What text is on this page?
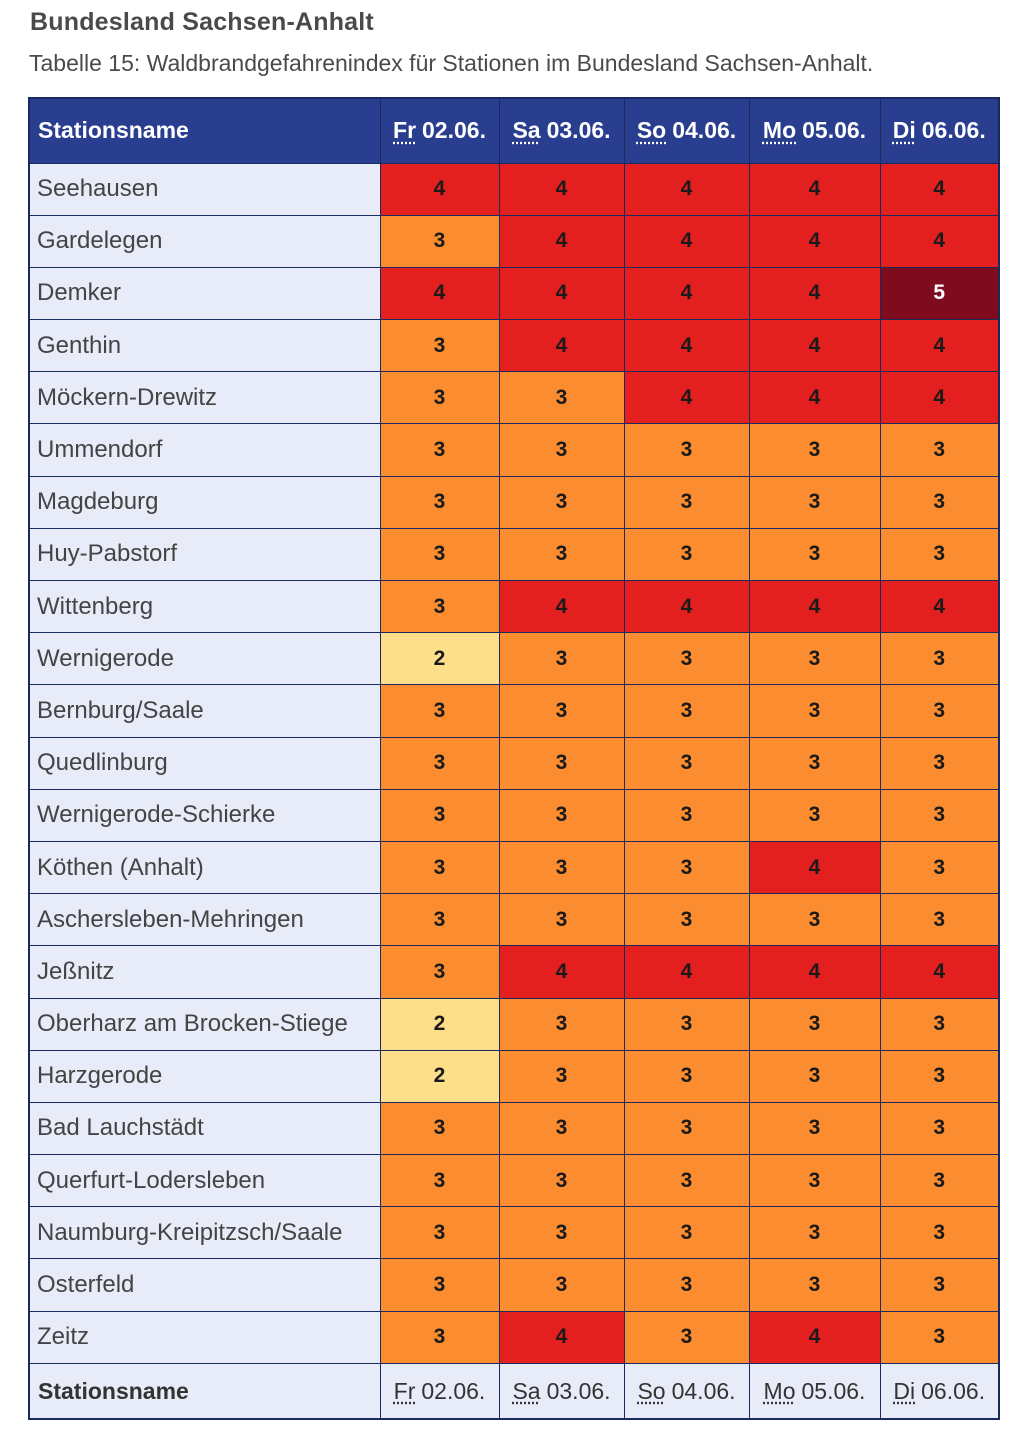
Bundesland Sachsen-Anhalt

Tabelle 15: Waldbrandgefahrenindex für Stationen im Bundesland Sachsen-Anhalt.

Stationsname	Fr 02.06.	Sa 03.06.	So 04.06.	Mo 05.06.	Di 06.06.
Seehausen	4	4	4	4	4
Gardelegen	3	4	4	4	4
Demker	4	4	4	4	5
Genthin	3	4	4	4	4
Möckern-Drewitz	3	3	4	4	4
Ummendorf	3	3	3	3	3
Magdeburg	3	3	3	3	3
Huy-Pabstorf	3	3	3	3	3
Wittenberg	3	4	4	4	4
Wernigerode	2	3	3	3	3
Bernburg/Saale	3	3	3	3	3
Quedlinburg	3	3	3	3	3
Wernigerode-Schierke	3	3	3	3	3
Köthen (Anhalt)	3	3	3	4	3
Aschersleben-Mehringen	3	3	3	3	3
Jeßnitz	3	4	4	4	4
Oberharz am Brocken-Stiege	2	3	3	3	3
Harzgerode	2	3	3	3	3
Bad Lauchstädt	3	3	3	3	3
Querfurt-Lodersleben	3	3	3	3	3
Naumburg-Kreipitzsch/Saale	3	3	3	3	3
Osterfeld	3	3	3	3	3
Zeitz	3	4	3	4	3
Stationsname	Fr 02.06.	Sa 03.06.	So 04.06.	Mo 05.06.	Di 06.06.
